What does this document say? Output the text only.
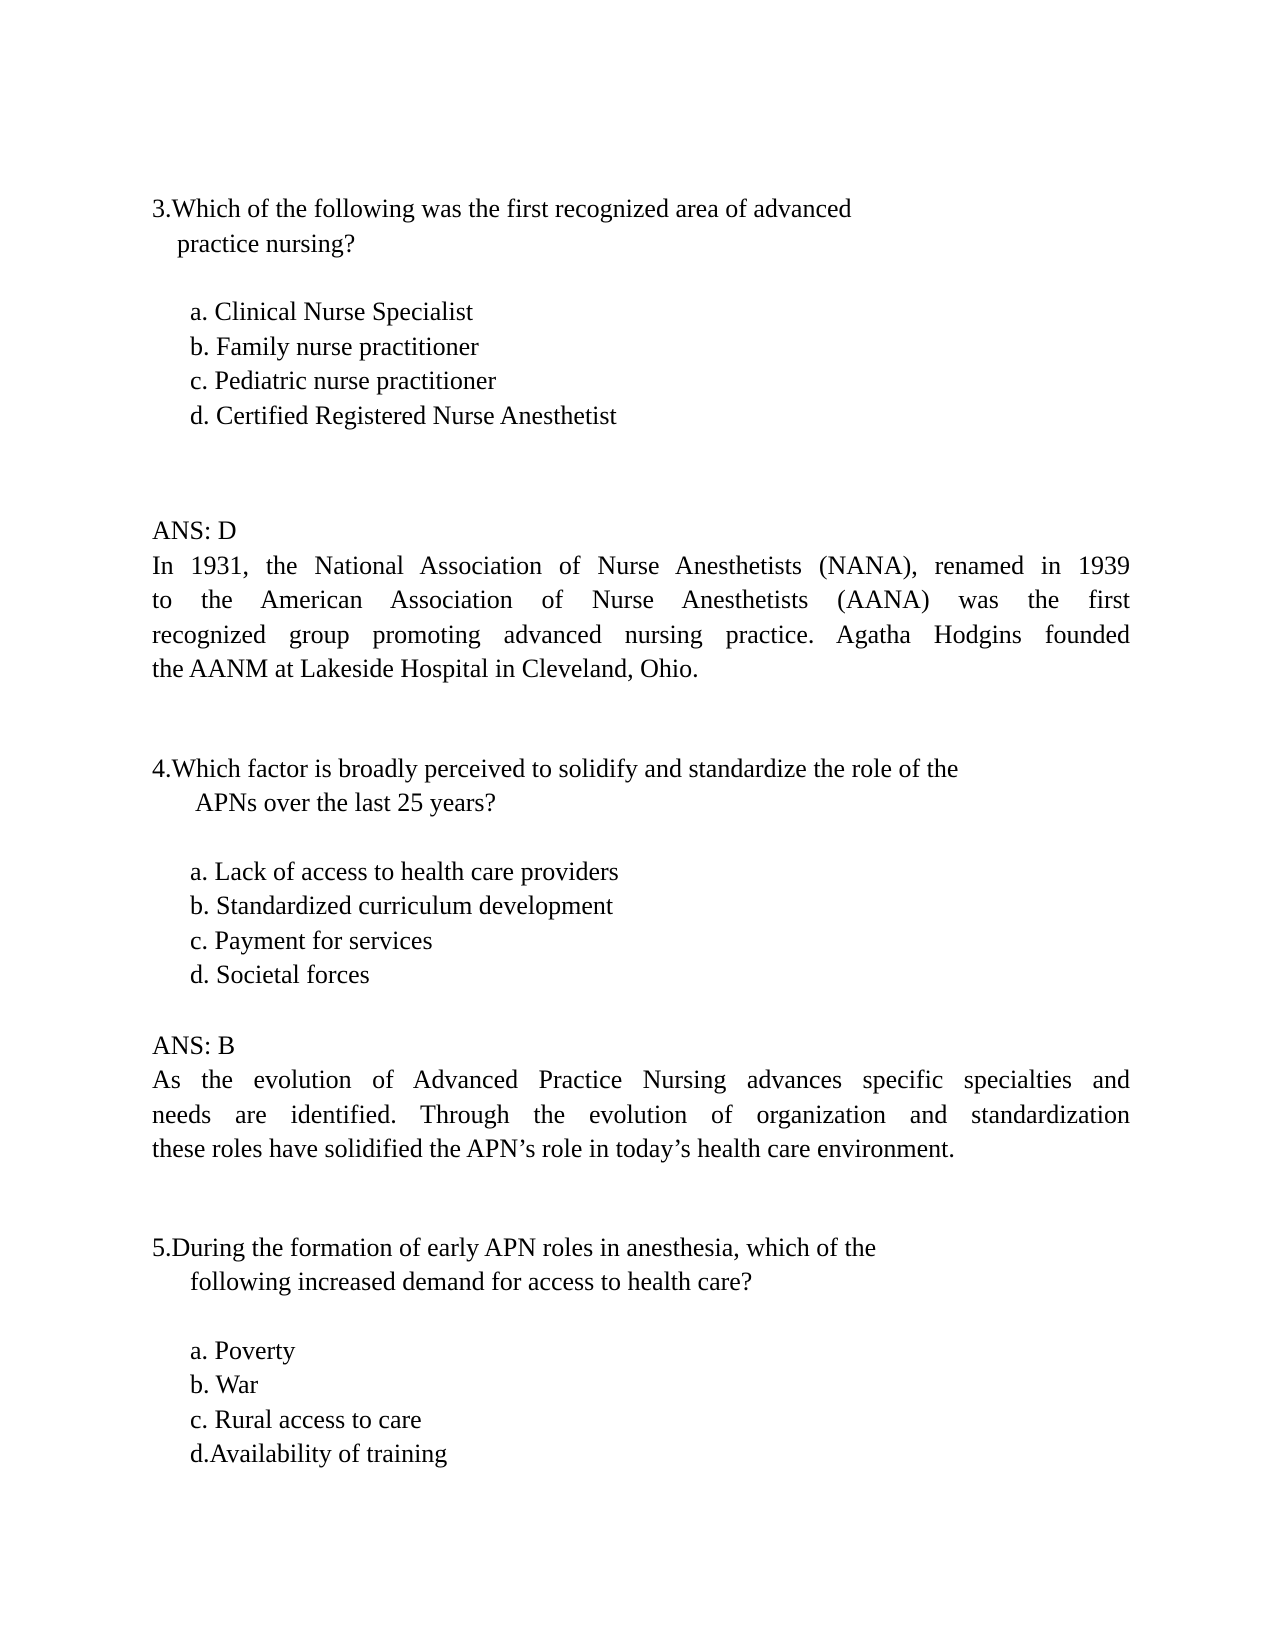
3.Which of the following was the first recognized area of advanced
practice nursing?
a. Clinical Nurse Specialist
b. Family nurse practitioner
c. Pediatric nurse practitioner
d. Certified Registered Nurse Anesthetist
ANS: D
In 1931, the National Association of Nurse Anesthetists (NANA), renamed in 1939
to the American Association of Nurse Anesthetists (AANA) was the first
recognized group promoting advanced nursing practice. Agatha Hodgins founded
the AANM at Lakeside Hospital in Cleveland, Ohio.
4.Which factor is broadly perceived to solidify and standardize the role of the
APNs over the last 25 years?
a. Lack of access to health care providers
b. Standardized curriculum development
c. Payment for services
d. Societal forces
ANS: B
As the evolution of Advanced Practice Nursing advances specific specialties and
needs are identified. Through the evolution of organization and standardization
these roles have solidified the APN’s role in today’s health care environment.
5.During the formation of early APN roles in anesthesia, which of the
following increased demand for access to health care?
a. Poverty
b. War
c. Rural access to care
d.Availability of training
